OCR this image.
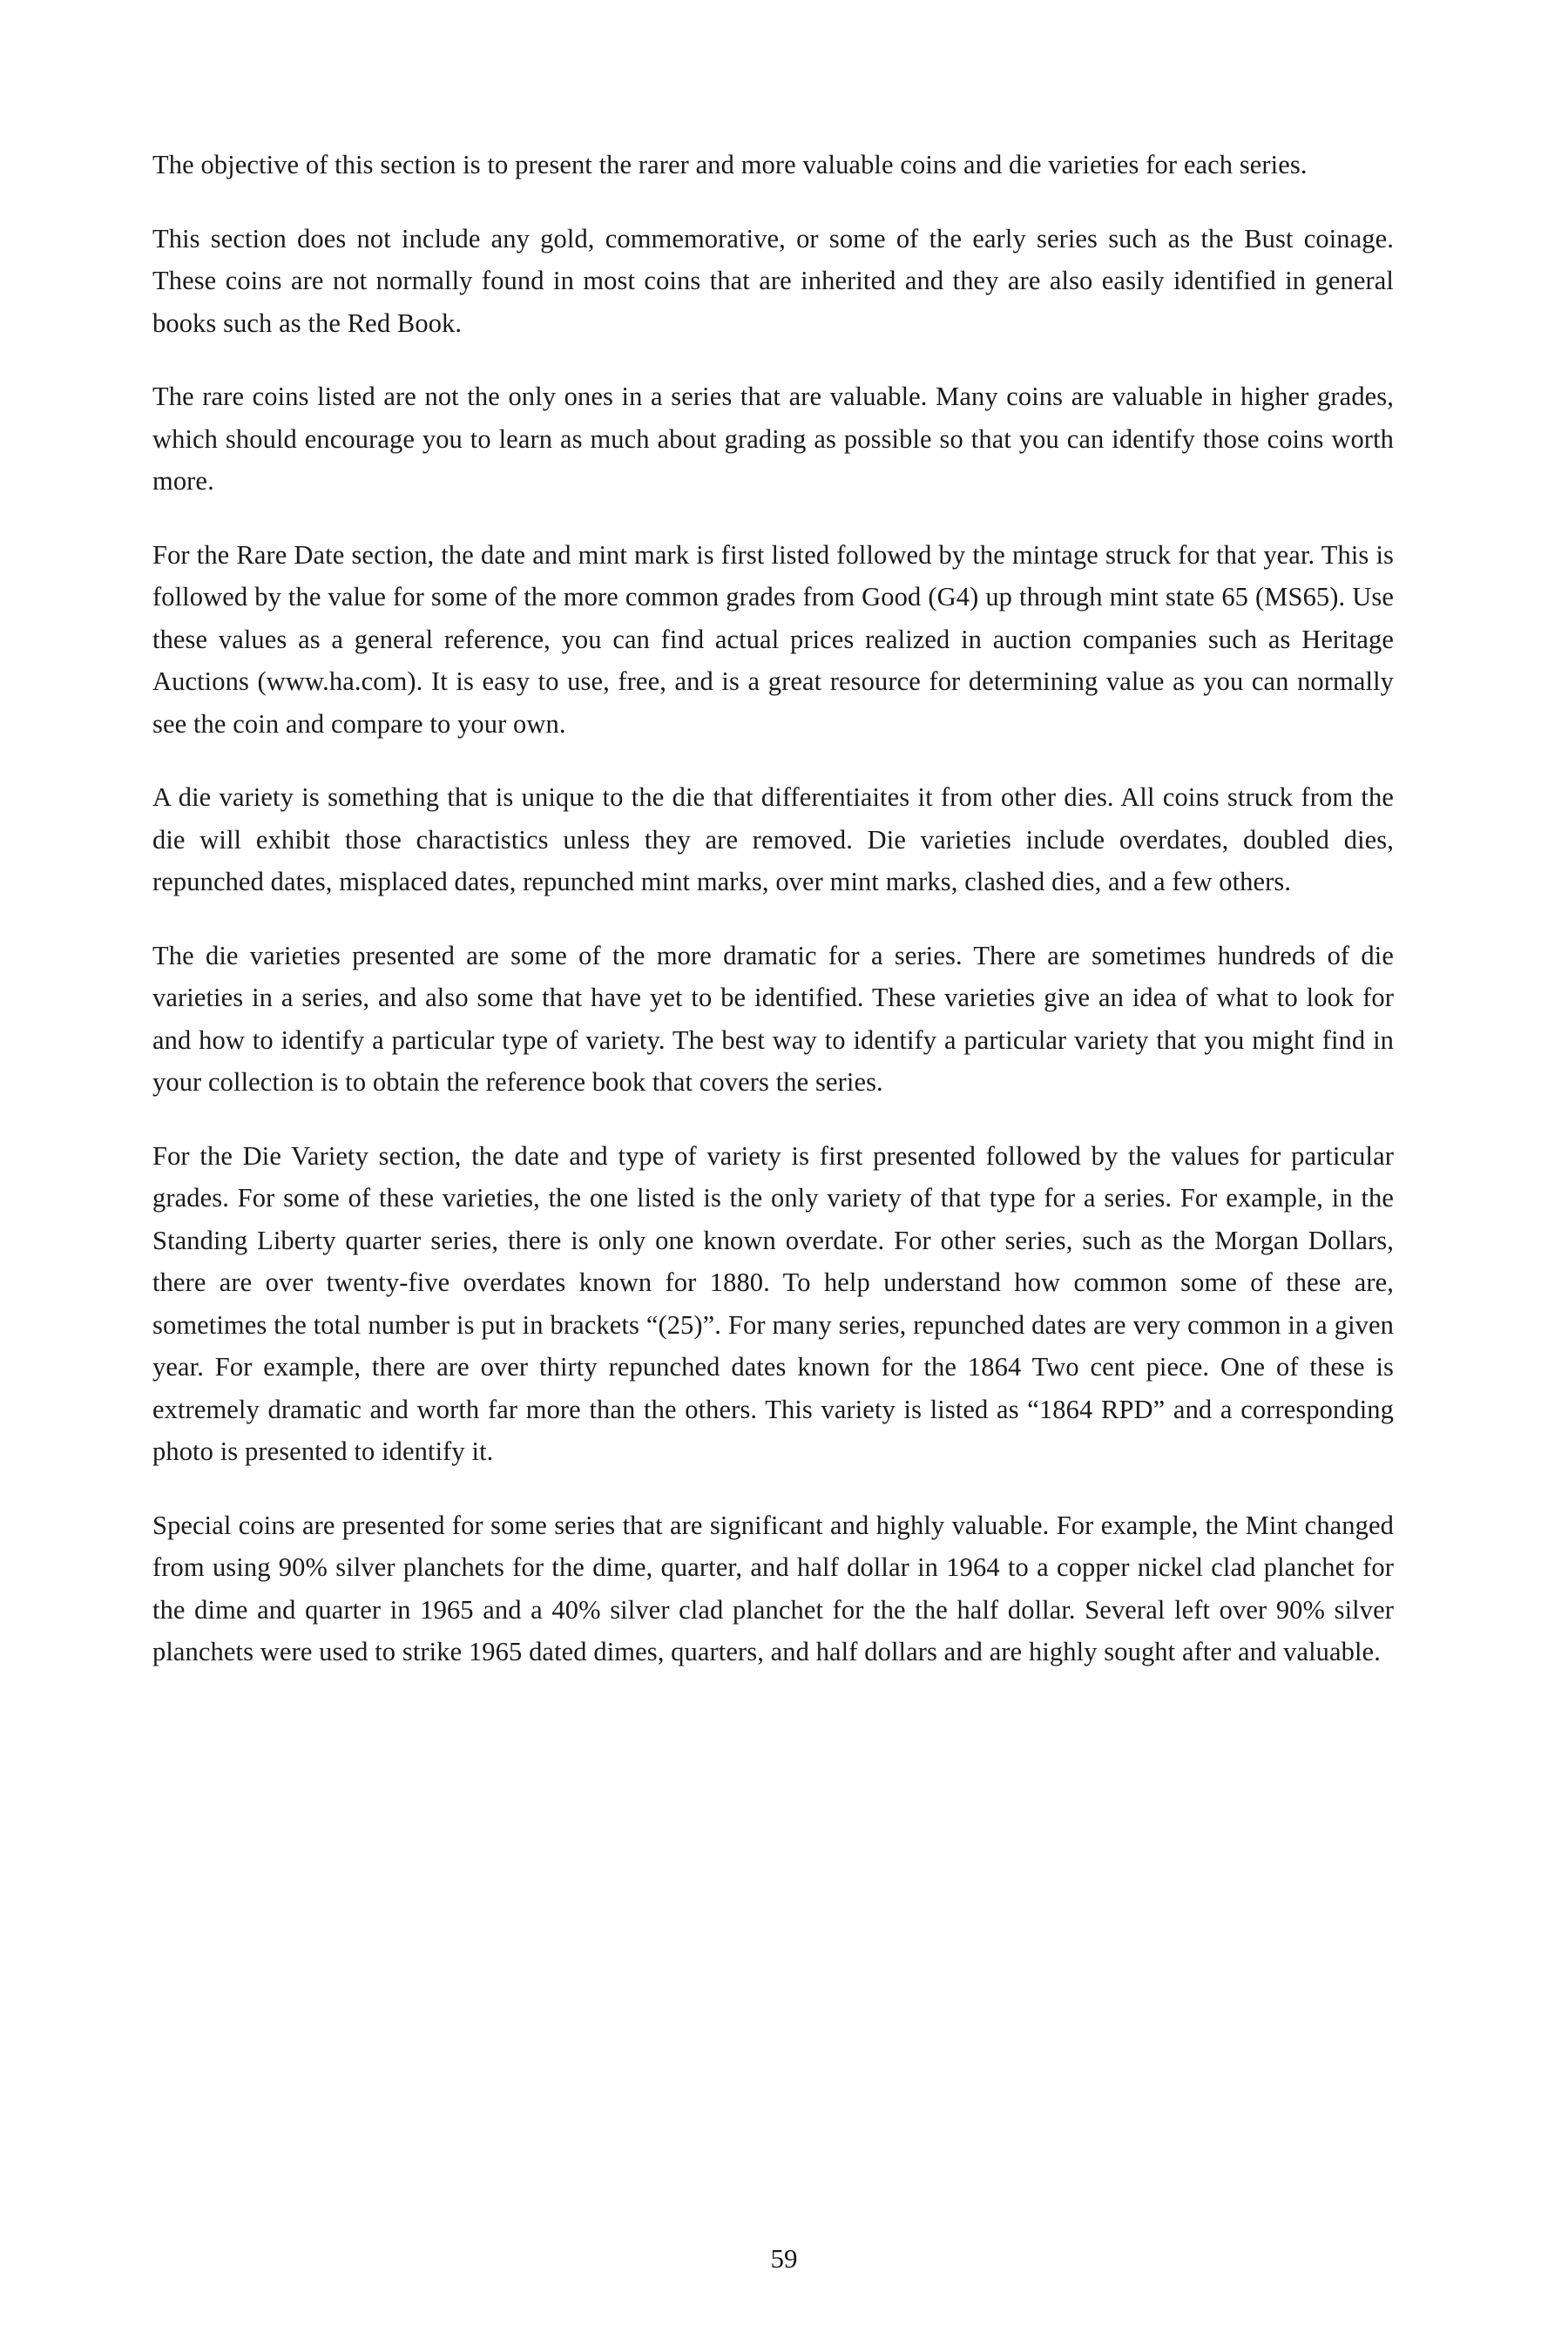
The objective of this section is to present the rarer and more valuable coins and die varieties for each series.

This section does not include any gold, commemorative, or some of the early series such as the Bust coinage. These coins are not normally found in most coins that are inherited and they are also easily identified in general books such as the Red Book.

The rare coins listed are not the only ones in a series that are valuable. Many coins are valuable in higher grades, which should encourage you to learn as much about grading as possible so that you can identify those coins worth more.

For the Rare Date section, the date and mint mark is first listed followed by the mintage struck for that year. This is followed by the value for some of the more common grades from Good (G4) up through mint state 65 (MS65). Use these values as a general reference, you can find actual prices realized in auction companies such as Heritage Auctions (www.ha.com). It is easy to use, free, and is a great resource for determining value as you can normally see the coin and compare to your own.

A die variety is something that is unique to the die that differentiaites it from other dies. All coins struck from the die will exhibit those charactistics unless they are removed. Die varieties include overdates, doubled dies, repunched dates, misplaced dates, repunched mint marks, over mint marks, clashed dies, and a few others.

The die varieties presented are some of the more dramatic for a series. There are sometimes hundreds of die varieties in a series, and also some that have yet to be identified. These varieties give an idea of what to look for and how to identify a particular type of variety. The best way to identify a particular variety that you might find in your collection is to obtain the reference book that covers the series.

For the Die Variety section, the date and type of variety is first presented followed by the values for particular grades. For some of these varieties, the one listed is the only variety of that type for a series. For example, in the Standing Liberty quarter series, there is only one known overdate. For other series, such as the Morgan Dollars, there are over twenty-five overdates known for 1880. To help understand how common some of these are, sometimes the total number is put in brackets “(25)”. For many series, repunched dates are very common in a given year. For example, there are over thirty repunched dates known for the 1864 Two cent piece. One of these is extremely dramatic and worth far more than the others. This variety is listed as “1864 RPD” and a corresponding photo is presented to identify it.

Special coins are presented for some series that are significant and highly valuable. For example, the Mint changed from using 90% silver planchets for the dime, quarter, and half dollar in 1964 to a copper nickel clad planchet for the dime and quarter in 1965 and a 40% silver clad planchet for the the half dollar. Several left over 90% silver planchets were used to strike 1965 dated dimes, quarters, and half dollars and are highly sought after and valuable.

59
